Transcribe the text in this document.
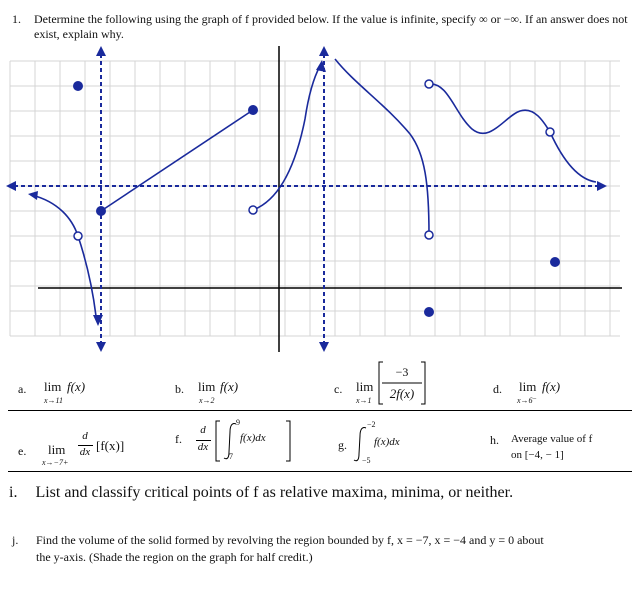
1. Determine the following using the graph of f provided below. If the value is infinite, specify ∞ or −∞. If an answer does not exist, explain why.
a. lim
x→11
f(x)	b. lim
x→2
f(x)	c. lim
x→1
−3
2f(x)	d. lim
x→6⁻
f(x)
e. lim
x→−7+
d
dx [f(x)]	f.
d
dx
9
7
f(x)dx	g.
−2
−5
f(x)dx	h. Average value of f
on [−4, − 1]
i. List and classify critical points of f as relative maxima, minima, or neither.
j. Find the volume of the solid formed by revolving the region bounded by f, x = −7, x = −4 and y = 0 about
the y-axis. (Shade the region on the graph for half credit.)
